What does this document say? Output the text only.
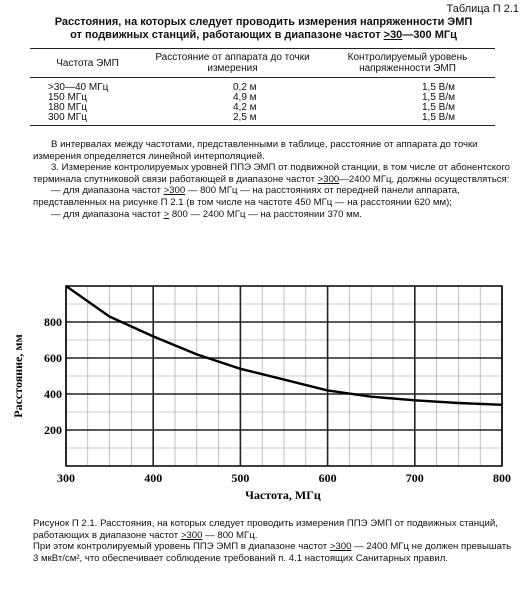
Таблица П 2.1
Расстояния, на которых следует проводить измерения напряженности ЭМП
от подвижных станций, работающих в диапазоне частот >30—300 МГц
Частота ЭМП	Расстояние от аппарата до точки измерения	Контролируемый уровень напряженности ЭМП
>30—40 МГц	0,2 м	1,5 В/м
150 МГц	4,9 м	1,5 В/м
180 МГц	4,2 м	1,5 В/м
300 МГц	2,5 м	1,5 В/м

В интервалах между частотами, представленными в таблице, расстояние от аппарата до точки измерения определяется линейной интерполяцией.

3. Измерение контролируемых уровней ППЭ ЭМП от подвижной станции, в том числе от абонентского терминала спутниковой связи работающей в диапазоне частот >300—2400 МГц, должны осуществляться:

— для диапазона частот >300 — 800 МГц — на расстояниях от передней панели аппарата, представленных на рисунке П 2.1 (в том числе на частоте 450 МГц — на расстоянии 620 мм);

— для диапазона частот > 800 — 2400 МГц — на расстоянии 370 мм.

300	400	500	600	700	800
200
400
600
800
Расстояние, мм
Частота, МГц

Рисунок П 2.1. Расстояния, на которых следует проводить измерения ППЭ ЭМП от подвижных станций, работающих в диапазоне частот >300 — 800 МГц.

При этом контролируемый уровень ППЭ ЭМП в диапазоне частот >300 — 2400 МГц не должен превышать 3 мкВт/см², что обеспечивает соблюдение требований п. 4.1 настоящих Санитарных правил.
